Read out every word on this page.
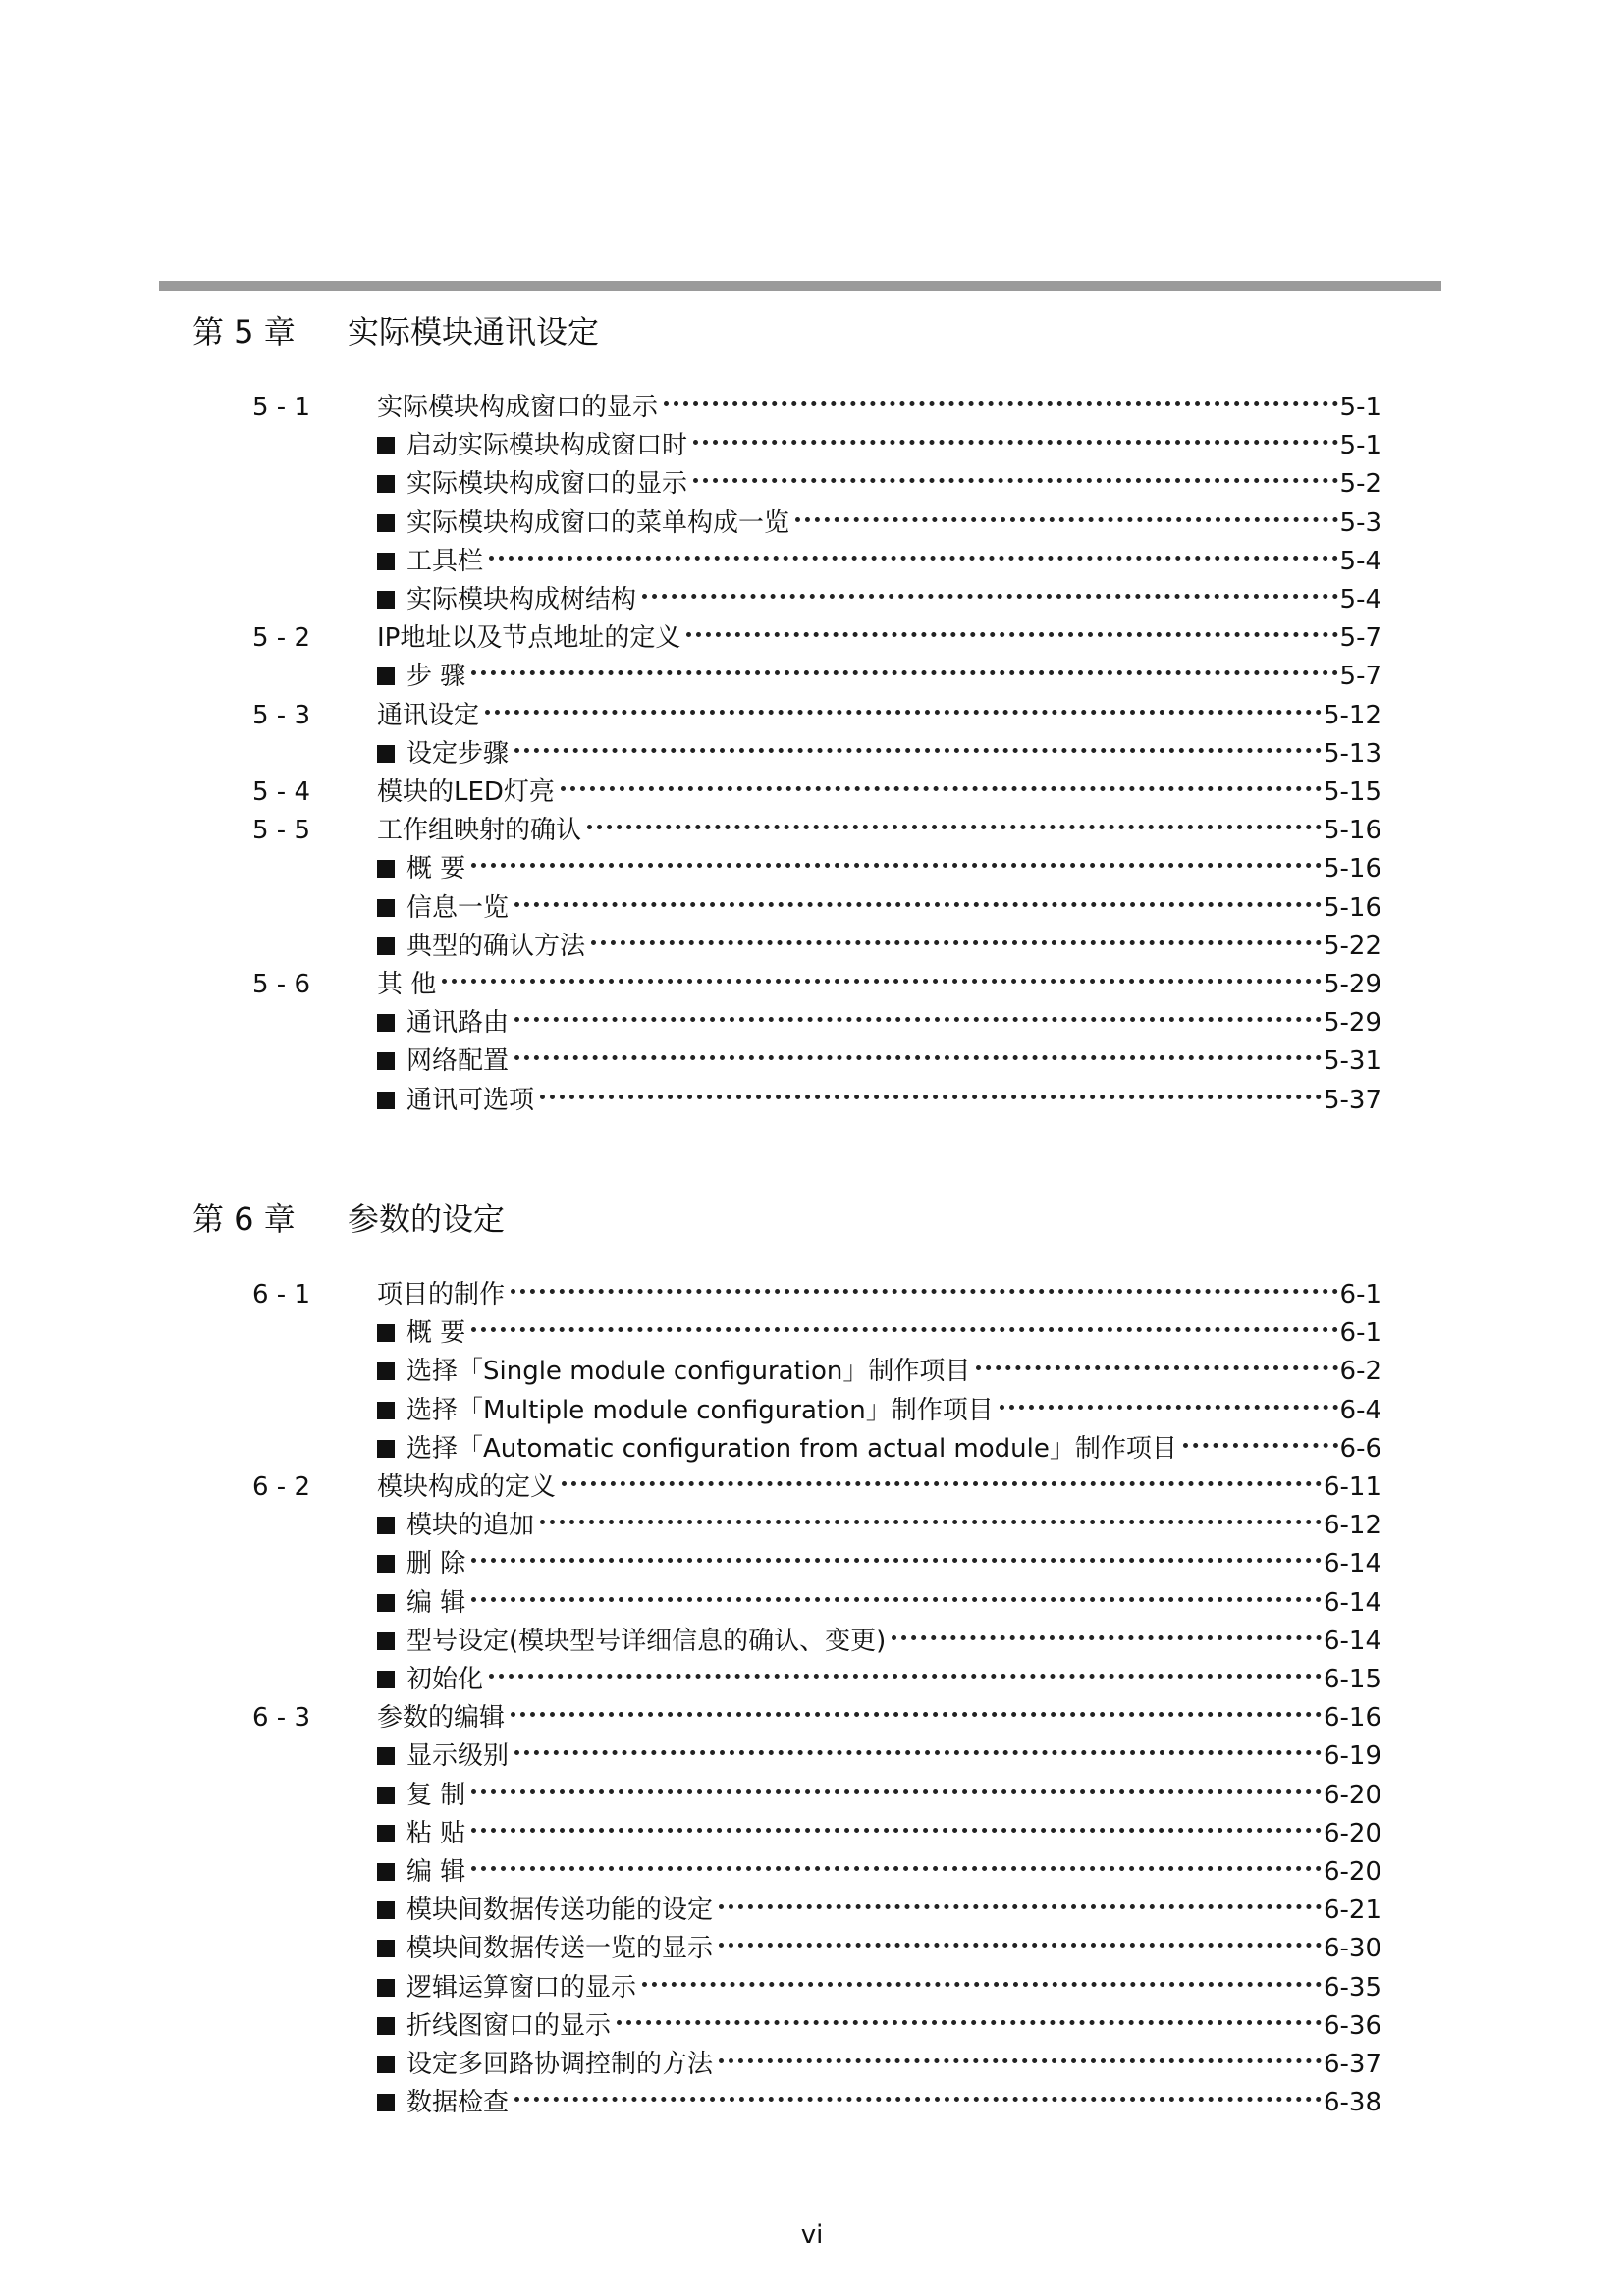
第 5 章 实际模块通讯设定
5 - 1	实际模块构成窗口的显示	5-1
启动实际模块构成窗口时	5-1
实际模块构成窗口的显示	5-2
实际模块构成窗口的菜单构成一览	5-3
工具栏	5-4
实际模块构成树结构	5-4
5 - 2	IP地址以及节点地址的定义	5-7
步 骤	5-7
5 - 3	通讯设定	5-12
设定步骤	5-13
5 - 4	模块的LED灯亮	5-15
5 - 5	工作组映射的确认	5-16
概 要	5-16
信息一览	5-16
典型的确认方法	5-22
5 - 6	其 他	5-29
通讯路由	5-29
网络配置	5-31
通讯可选项	5-37
第 6 章 参数的设定
6 - 1	项目的制作	6-1
概 要	6-1
选择「Single module configuration」制作项目	6-2
选择「Multiple module configuration」制作项目	6-4
选择「Automatic configuration from actual module」制作项目	6-6
6 - 2	模块构成的定义	6-11
模块的追加	6-12
删 除	6-14
编 辑	6-14
型号设定(模块型号详细信息的确认、变更)	6-14
初始化	6-15
6 - 3	参数的编辑	6-16
显示级别	6-19
复 制	6-20
粘 贴	6-20
编 辑	6-20
模块间数据传送功能的设定	6-21
模块间数据传送一览的显示	6-30
逻辑运算窗口的显示	6-35
折线图窗口的显示	6-36
设定多回路协调控制的方法	6-37
数据检查	6-38
vi
